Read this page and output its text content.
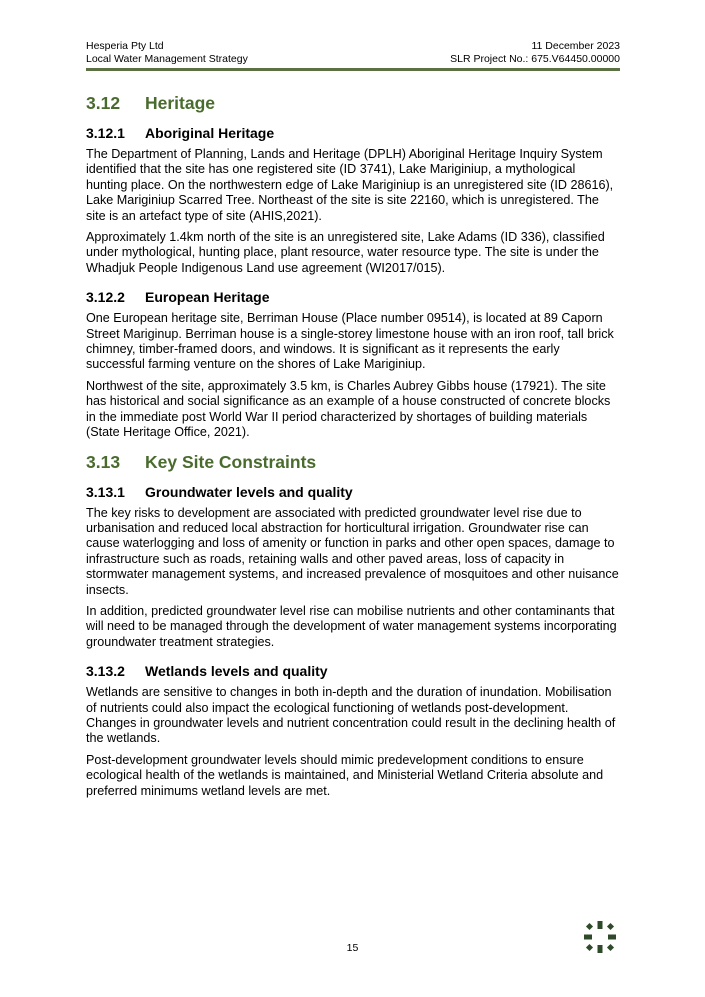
Hesperia Pty Ltd	11 December 2023
Local Water Management Strategy	SLR Project No.: 675.V64450.00000
3.12	Heritage
3.12.1	Aboriginal Heritage

The Department of Planning, Lands and Heritage (DPLH) Aboriginal Heritage Inquiry System identified that the site has one registered site (ID 3741), Lake Mariginiup, a mythological hunting place. On the northwestern edge of Lake Mariginiup is an unregistered site (ID 28616), Lake Mariginiup Scarred Tree. Northeast of the site is site 22160, which is unregistered. The site is an artefact type of site (AHIS,2021).

Approximately 1.4km north of the site is an unregistered site, Lake Adams (ID 336), classified under mythological, hunting place, plant resource, water resource type. The site is under the Whadjuk People Indigenous Land use agreement (WI2017/015).

3.12.2	European Heritage

One European heritage site, Berriman House (Place number 09514), is located at 89 Caporn Street Mariginup. Berriman house is a single-storey limestone house with an iron roof, tall brick chimney, timber-framed doors, and windows. It is significant as it represents the early successful farming venture on the shores of Lake Mariginiup.

Northwest of the site, approximately 3.5 km, is Charles Aubrey Gibbs house (17921). The site has historical and social significance as an example of a house constructed of concrete blocks in the immediate post World War II period characterized by shortages of building materials (State Heritage Office, 2021).

3.13	Key Site Constraints
3.13.1	Groundwater levels and quality

The key risks to development are associated with predicted groundwater level rise due to urbanisation and reduced local abstraction for horticultural irrigation. Groundwater rise can cause waterlogging and loss of amenity or function in parks and other open spaces, damage to infrastructure such as roads, retaining walls and other paved areas, loss of capacity in stormwater management systems, and increased prevalence of mosquitoes and other nuisance insects.

In addition, predicted groundwater level rise can mobilise nutrients and other contaminants that will need to be managed through the development of water management systems incorporating groundwater treatment strategies.

3.13.2	Wetlands levels and quality

Wetlands are sensitive to changes in both in-depth and the duration of inundation. Mobilisation of nutrients could also impact the ecological functioning of wetlands post-development. Changes in groundwater levels and nutrient concentration could result in the declining health of the wetlands.

Post-development groundwater levels should mimic predevelopment conditions to ensure ecological health of the wetlands is maintained, and Ministerial Wetland Criteria absolute and preferred minimums wetland levels are met.

15
